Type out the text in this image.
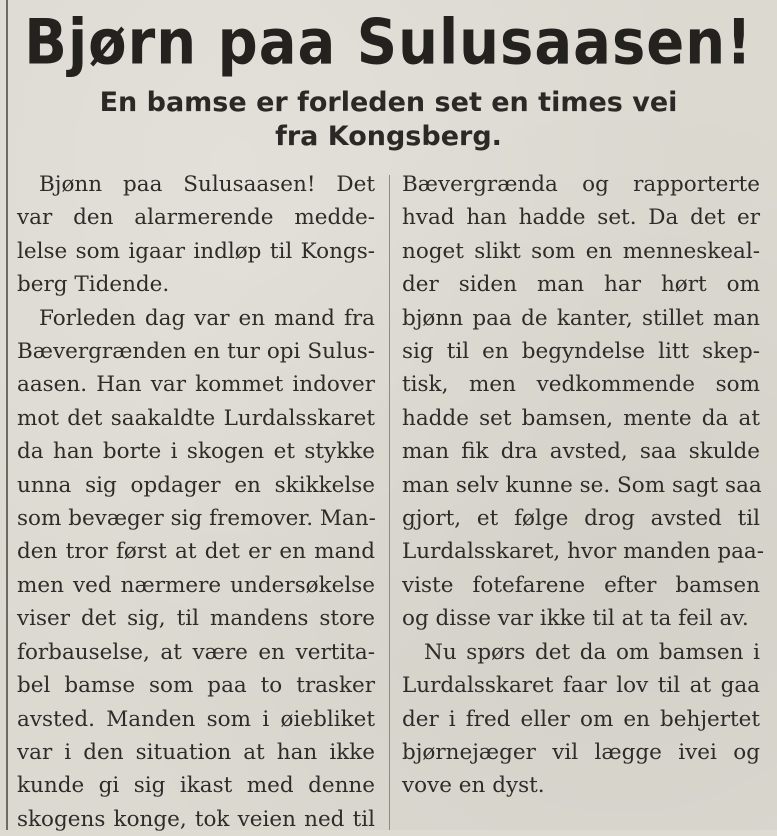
Bjørn paa Sulusaasen!
En bamse er forleden set en times vei
fra Kongsberg.
Bjønn paa Sulusaasen! Det
var den alarmerende medde-
lelse som igaar indløp til Kongs-
berg Tidende.
Forleden dag var en mand fra
Bævergrænden en tur opi Sulus-
aasen. Han var kommet indover
mot det saakaldte Lurdalsskaret
da han borte i skogen et stykke
unna sig opdager en skikkelse
som bevæger sig fremover. Man-
den tror først at det er en mand
men ved nærmere undersøkelse
viser det sig, til mandens store
forbauselse, at være en vertita-
bel bamse som paa to trasker
avsted. Manden som i øiebliket
var i den situation at han ikke
kunde gi sig ikast med denne
skogens konge, tok veien ned til
Bævergrænda og rapporterte
hvad han hadde set. Da det er
noget slikt som en menneskeal-
der siden man har hørt om
bjønn paa de kanter, stillet man
sig til en begyndelse litt skep-
tisk, men vedkommende som
hadde set bamsen, mente da at
man fik dra avsted, saa skulde
man selv kunne se. Som sagt saa
gjort, et følge drog avsted til
Lurdalsskaret, hvor manden paa-
viste fotefarene efter bamsen
og disse var ikke til at ta feil av.
Nu spørs det da om bamsen i
Lurdalsskaret faar lov til at gaa
der i fred eller om en behjertet
bjørnejæger vil lægge ivei og
vove en dyst.
